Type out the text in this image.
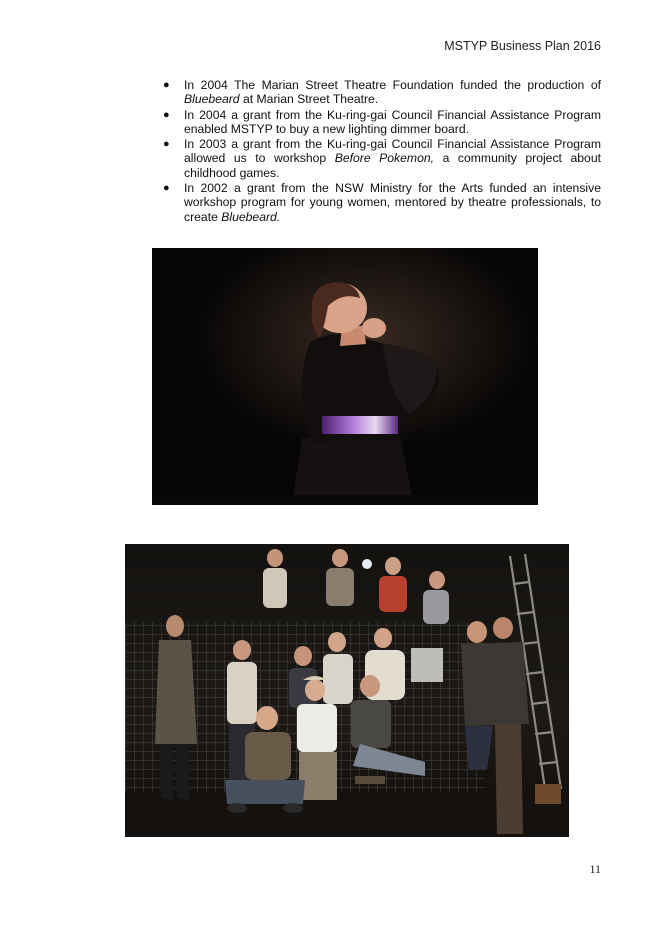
MSTYP Business Plan 2016
● In 2004 The Marian Street Theatre Foundation funded the production of Bluebeard at Marian Street Theatre.
● In 2004 a grant from the Ku-ring-gai Council Financial Assistance Program enabled MSTYP to buy a new lighting dimmer board.
● In 2003 a grant from the Ku-ring-gai Council Financial Assistance Program allowed us to workshop Before Pokemon, a community project about childhood games.
● In 2002 a grant from the NSW Ministry for the Arts funded an intensive workshop program for young women, mentored by theatre professionals, to create Bluebeard.
11
